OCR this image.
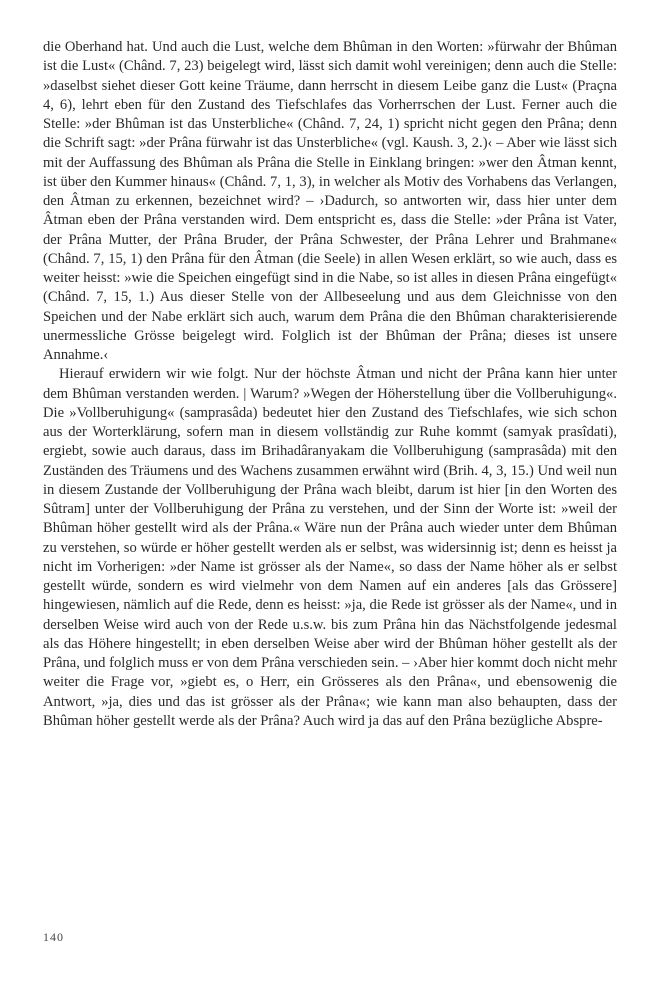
die Oberhand hat. Und auch die Lust, welche dem Bhûman in den Worten: »fürwahr der Bhûman ist die Lust« (Chând. 7, 23) beigelegt wird, lässt sich damit wohl vereinigen; denn auch die Stelle: »daselbst siehet dieser Gott keine Träume, dann herrscht in diesem Leibe ganz die Lust« (Praçna 4, 6), lehrt eben für den Zustand des Tiefschlafes das Vorherrschen der Lust. Ferner auch die Stelle: »der Bhûman ist das Unsterbliche« (Chând. 7, 24, 1) spricht nicht gegen den Prâna; denn die Schrift sagt: »der Prâna fürwahr ist das Unsterbliche« (vgl. Kaush. 3, 2.)‹ – Aber wie lässt sich mit der Auffassung des Bhûman als Prâna die Stelle in Einklang bringen: »wer den Âtman kennt, ist über den Kummer hinaus« (Chând. 7, 1, 3), in welcher als Motiv des Vorhabens das Verlangen, den Âtman zu erkennen, bezeichnet wird? – ›Dadurch, so antworten wir, dass hier unter dem Âtman eben der Prâna verstanden wird. Dem entspricht es, dass die Stelle: »der Prâna ist Vater, der Prâna Mutter, der Prâna Bruder, der Prâna Schwester, der Prâna Lehrer und Brahmane« (Chând. 7, 15, 1) den Prâna für den Âtman (die Seele) in allen Wesen erklärt, so wie auch, dass es weiter heisst: »wie die Speichen eingefügt sind in die Nabe, so ist alles in diesen Prâna eingefügt« (Chând. 7, 15, 1.) Aus dieser Stelle von der Allbeseelung und aus dem Gleichnisse von den Speichen und der Nabe erklärt sich auch, warum dem Prâna die den Bhûman charakterisierende unermessliche Grösse beigelegt wird. Folglich ist der Bhûman der Prâna; dieses ist unsere Annahme.‹

Hierauf erwidern wir wie folgt. Nur der höchste Âtman und nicht der Prâna kann hier unter dem Bhûman verstanden werden. | Warum? »Wegen der Höherstellung über die Vollberuhigung«. Die »Vollberuhigung« (samprasâda) bedeutet hier den Zustand des Tiefschlafes, wie sich schon aus der Worterklärung, sofern man in diesem vollständig zur Ruhe kommt (samyak prasîdati), ergiebt, sowie auch daraus, dass im Brihadâranyakam die Vollberuhigung (samprasâda) mit den Zuständen des Träumens und des Wachens zusammen erwähnt wird (Brih. 4, 3, 15.) Und weil nun in diesem Zustande der Vollberuhigung der Prâna wach bleibt, darum ist hier [in den Worten des Sûtram] unter der Vollberuhigung der Prâna zu verstehen, und der Sinn der Worte ist: »weil der Bhûman höher gestellt wird als der Prâna.« Wäre nun der Prâna auch wieder unter dem Bhûman zu verstehen, so würde er höher gestellt werden als er selbst, was widersinnig ist; denn es heisst ja nicht im Vorherigen: »der Name ist grösser als der Name«, so dass der Name höher als er selbst gestellt würde, sondern es wird vielmehr von dem Namen auf ein anderes [als das Grössere] hingewiesen, nämlich auf die Rede, denn es heisst: »ja, die Rede ist grösser als der Name«, und in derselben Weise wird auch von der Rede u.s.w. bis zum Prâna hin das Nächstfolgende jedesmal als das Höhere hingestellt; in eben derselben Weise aber wird der Bhûman höher gestellt als der Prâna, und folglich muss er von dem Prâna verschieden sein. – ›Aber hier kommt doch nicht mehr weiter die Frage vor, »giebt es, o Herr, ein Grösseres als den Prâna«, und ebensowenig die Antwort, »ja, dies und das ist grösser als der Prâna«; wie kann man also behaupten, dass der Bhûman höher gestellt werde als der Prâna? Auch wird ja das auf den Prâna bezügliche Abspre-

140
